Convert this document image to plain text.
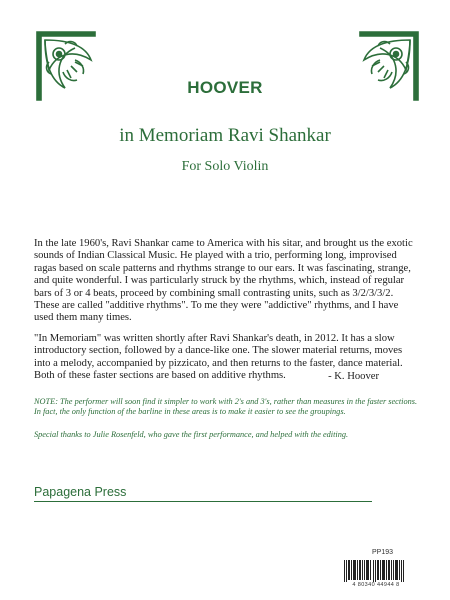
HOOVER
in Memoriam Ravi Shankar
For Solo Violin
In the late 1960's, Ravi Shankar came to America with his sitar, and brought us the exotic sounds of Indian Classical Music. He played with a trio, performing long, improvised ragas based on scale patterns and rhythms strange to our ears. It was fascinating, strange, and quite wonderful. I was particularly struck by the rhythms, which, instead of regular bars of 3 or 4 beats, proceed by combining small contrasting units, such as 3/2/3/3/2. These are called "additive rhythms". To me they were "addictive" rhythms, and I have used them many times.
"In Memoriam" was written shortly after Ravi Shankar's death, in 2012. It has a slow introductory section, followed by a dance-like one. The slower material returns, moves into a melody, accompanied by pizzicato, and then returns to the faster, dance material. Both of these faster sections are based on additive rhythms.	- K. Hoover
NOTE: The performer will soon find it simpler to work with 2's and 3's, rather than measures in the faster sections. In fact, the only function of the barline in these areas is to make it easier to see the groupings.
Special thanks to Julie Rosenfeld, who gave the first performance, and helped with the editing.
Papagena Press
PP193
4 80340 44944 8
